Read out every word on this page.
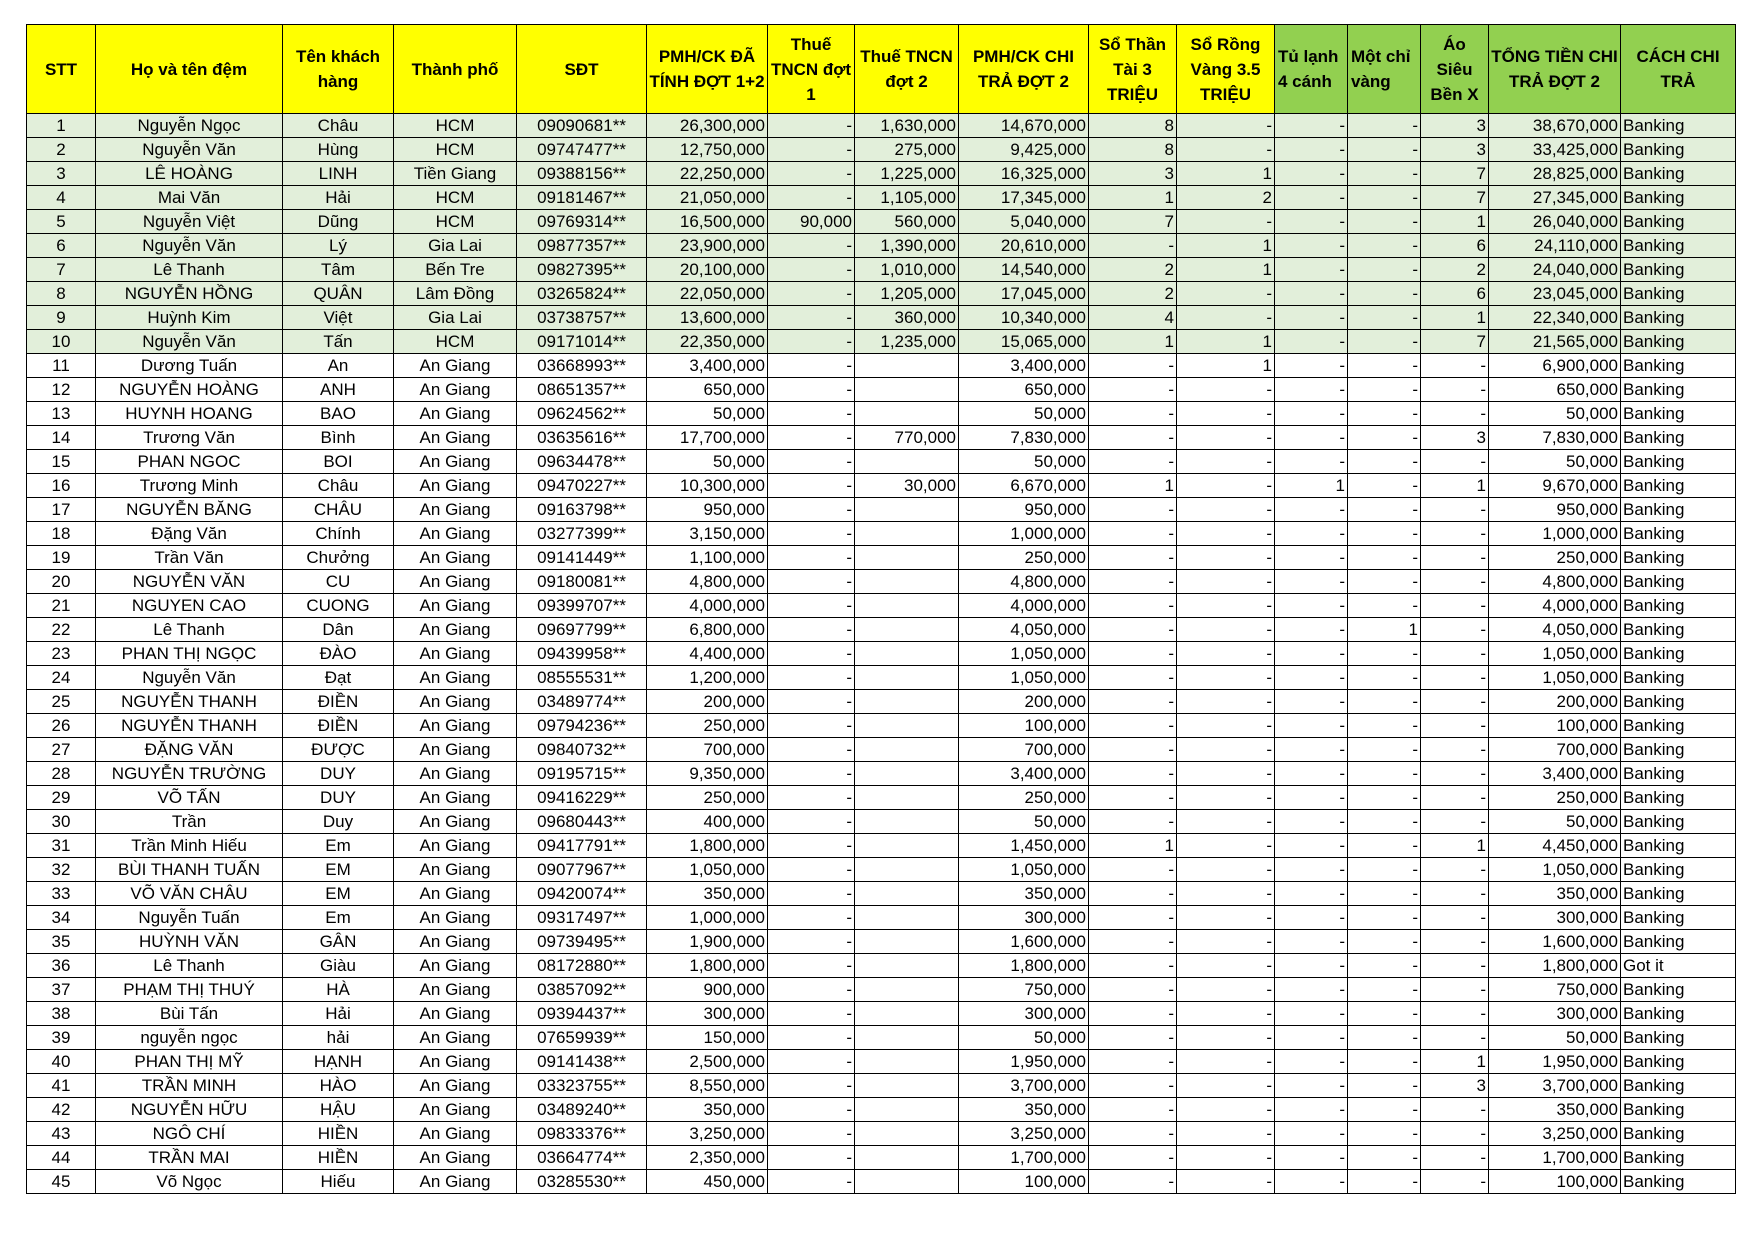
STT	Họ và tên đệm	Tên khách hàng	Thành phố	SĐT	PMH/CK ĐÃ TÍNH ĐỢT 1+2	Thuế TNCN đợt 1	Thuế TNCN đợt 2	PMH/CK CHI TRẢ ĐỢT 2	Sổ Thần Tài 3 TRIỆU	Sổ Rồng Vàng 3.5 TRIỆU	Tủ lạnh 4 cánh	Một chỉ vàng	Áo Siêu Bền X	TỔNG TIỀN CHI TRẢ ĐỢT 2	CÁCH CHI TRẢ
1	Nguyễn Ngọc	Châu	HCM	09090681**	26,300,000	-	1,630,000	14,670,000	8	-	-	-	3	38,670,000	Banking
2	Nguyễn Văn	Hùng	HCM	09747477**	12,750,000	-	275,000	9,425,000	8	-	-	-	3	33,425,000	Banking
3	LÊ HOÀNG	LINH	Tiền Giang	09388156**	22,250,000	-	1,225,000	16,325,000	3	1	-	-	7	28,825,000	Banking
4	Mai Văn	Hải	HCM	09181467**	21,050,000	-	1,105,000	17,345,000	1	2	-	-	7	27,345,000	Banking
5	Nguyễn Việt	Dũng	HCM	09769314**	16,500,000	90,000	560,000	5,040,000	7	-	-	-	1	26,040,000	Banking
6	Nguyễn Văn	Lý	Gia Lai	09877357**	23,900,000	-	1,390,000	20,610,000	-	1	-	-	6	24,110,000	Banking
7	Lê Thanh	Tâm	Bến Tre	09827395**	20,100,000	-	1,010,000	14,540,000	2	1	-	-	2	24,040,000	Banking
8	NGUYỄN HỒNG	QUÂN	Lâm Đồng	03265824**	22,050,000	-	1,205,000	17,045,000	2	-	-	-	6	23,045,000	Banking
9	Huỳnh Kim	Việt	Gia Lai	03738757**	13,600,000	-	360,000	10,340,000	4	-	-	-	1	22,340,000	Banking
10	Nguyễn Văn	Tấn	HCM	09171014**	22,350,000	-	1,235,000	15,065,000	1	1	-	-	7	21,565,000	Banking
11	Dương Tuấn	An	An Giang	03668993**	3,400,000	-		3,400,000	-	1	-	-	-	6,900,000	Banking
12	NGUYỄN HOÀNG	ANH	An Giang	08651357**	650,000	-		650,000	-	-	-	-	-	650,000	Banking
13	HUYNH HOANG	BAO	An Giang	09624562**	50,000	-		50,000	-	-	-	-	-	50,000	Banking
14	Trương Văn	Bình	An Giang	03635616**	17,700,000	-	770,000	7,830,000	-	-	-	-	3	7,830,000	Banking
15	PHAN NGOC	BOI	An Giang	09634478**	50,000	-		50,000	-	-	-	-	-	50,000	Banking
16	Trương Minh	Châu	An Giang	09470227**	10,300,000	-	30,000	6,670,000	1	-	1	-	1	9,670,000	Banking
17	NGUYỄN BĂNG	CHÂU	An Giang	09163798**	950,000	-		950,000	-	-	-	-	-	950,000	Banking
18	Đặng Văn	Chính	An Giang	03277399**	3,150,000	-		1,000,000	-	-	-	-	-	1,000,000	Banking
19	Trần Văn	Chưởng	An Giang	09141449**	1,100,000	-		250,000	-	-	-	-	-	250,000	Banking
20	NGUYỄN VĂN	CU	An Giang	09180081**	4,800,000	-		4,800,000	-	-	-	-	-	4,800,000	Banking
21	NGUYEN CAO	CUONG	An Giang	09399707**	4,000,000	-		4,000,000	-	-	-	-	-	4,000,000	Banking
22	Lê Thanh	Dân	An Giang	09697799**	6,800,000	-		4,050,000	-	-	-	1	-	4,050,000	Banking
23	PHAN THỊ NGỌC	ĐÀO	An Giang	09439958**	4,400,000	-		1,050,000	-	-	-	-	-	1,050,000	Banking
24	Nguyễn Văn	Đạt	An Giang	08555531**	1,200,000	-		1,050,000	-	-	-	-	-	1,050,000	Banking
25	NGUYỄN THANH	ĐIỀN	An Giang	03489774**	200,000	-		200,000	-	-	-	-	-	200,000	Banking
26	NGUYỄN THANH	ĐIỀN	An Giang	09794236**	250,000	-		100,000	-	-	-	-	-	100,000	Banking
27	ĐẶNG VĂN	ĐƯỢC	An Giang	09840732**	700,000	-		700,000	-	-	-	-	-	700,000	Banking
28	NGUYỄN TRƯỜNG	DUY	An Giang	09195715**	9,350,000	-		3,400,000	-	-	-	-	-	3,400,000	Banking
29	VÕ TẤN	DUY	An Giang	09416229**	250,000	-		250,000	-	-	-	-	-	250,000	Banking
30	Trần	Duy	An Giang	09680443**	400,000	-		50,000	-	-	-	-	-	50,000	Banking
31	Trần Minh Hiếu	Em	An Giang	09417791**	1,800,000	-		1,450,000	1	-	-	-	1	4,450,000	Banking
32	BÙI THANH TUẤN	EM	An Giang	09077967**	1,050,000	-		1,050,000	-	-	-	-	-	1,050,000	Banking
33	VÕ VĂN CHÂU	EM	An Giang	09420074**	350,000	-		350,000	-	-	-	-	-	350,000	Banking
34	Nguyễn Tuấn	Em	An Giang	09317497**	1,000,000	-		300,000	-	-	-	-	-	300,000	Banking
35	HUỲNH VĂN	GÂN	An Giang	09739495**	1,900,000	-		1,600,000	-	-	-	-	-	1,600,000	Banking
36	Lê Thanh	Giàu	An Giang	08172880**	1,800,000	-		1,800,000	-	-	-	-	-	1,800,000	Got it
37	PHẠM THỊ THUÝ	HÀ	An Giang	03857092**	900,000	-		750,000	-	-	-	-	-	750,000	Banking
38	Bùi Tấn	Hải	An Giang	09394437**	300,000	-		300,000	-	-	-	-	-	300,000	Banking
39	nguyễn ngọc	hải	An Giang	07659939**	150,000	-		50,000	-	-	-	-	-	50,000	Banking
40	PHAN THỊ MỸ	HẠNH	An Giang	09141438**	2,500,000	-		1,950,000	-	-	-	-	1	1,950,000	Banking
41	TRẦN MINH	HÀO	An Giang	03323755**	8,550,000	-		3,700,000	-	-	-	-	3	3,700,000	Banking
42	NGUYỄN HỮU	HẬU	An Giang	03489240**	350,000	-		350,000	-	-	-	-	-	350,000	Banking
43	NGÔ CHÍ	HIỀN	An Giang	09833376**	3,250,000	-		3,250,000	-	-	-	-	-	3,250,000	Banking
44	TRẦN MAI	HIỀN	An Giang	03664774**	2,350,000	-		1,700,000	-	-	-	-	-	1,700,000	Banking
45	Võ Ngọc	Hiếu	An Giang	03285530**	450,000	-		100,000	-	-	-	-	-	100,000	Banking
